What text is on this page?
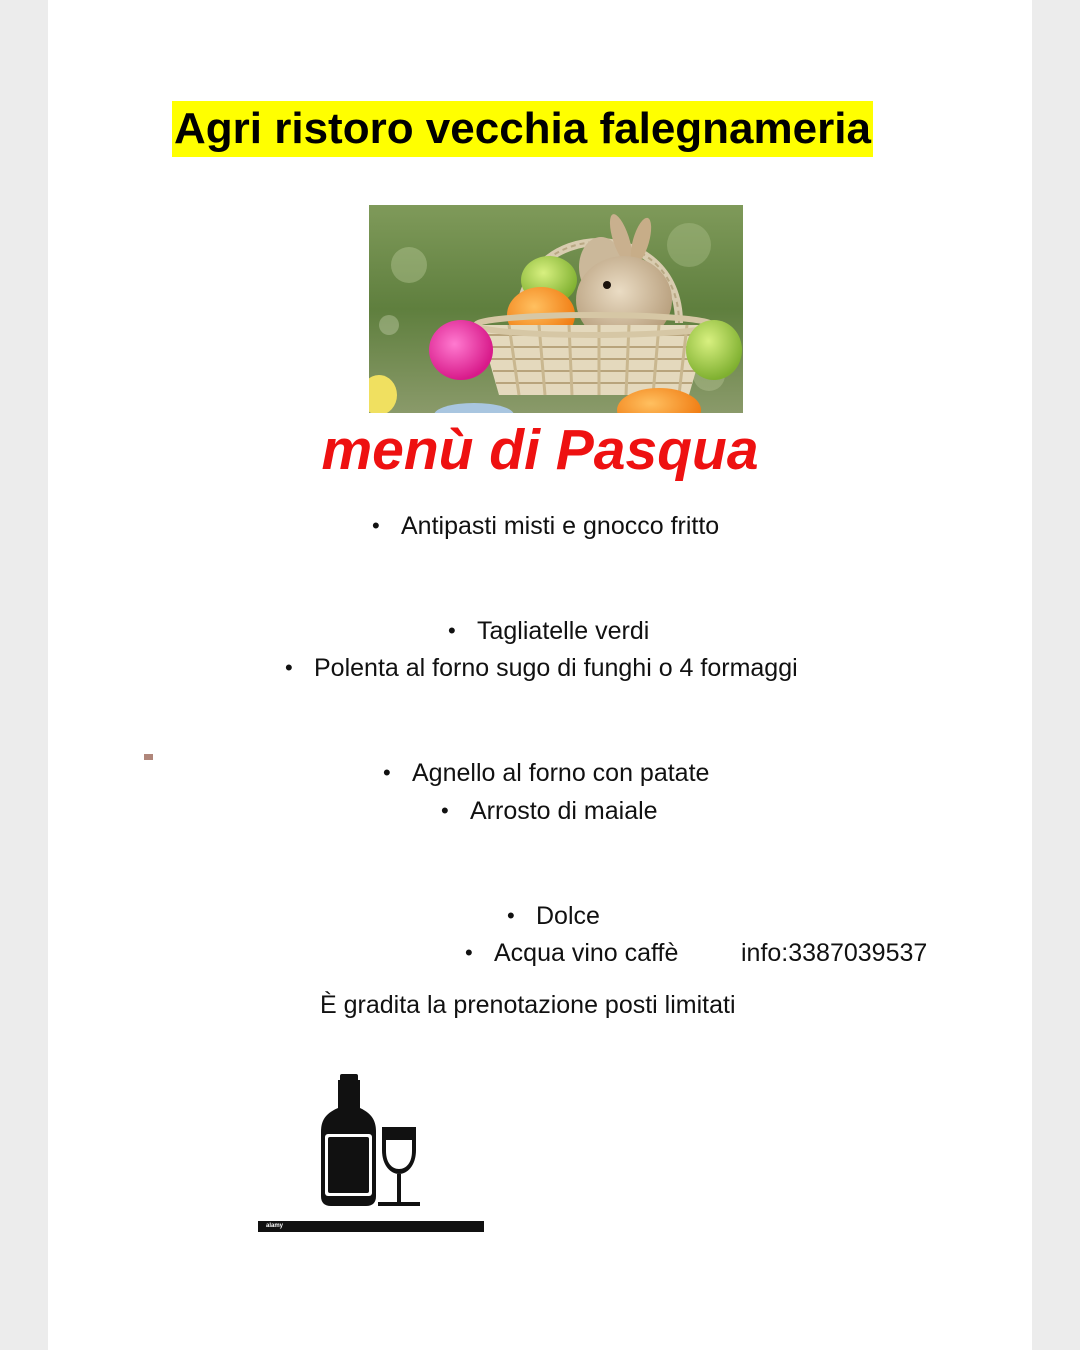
Agri ristoro vecchia falegnameria
menù di Pasqua
• Antipasti misti e gnocco fritto
• Tagliatelle verdi
• Polenta al forno sugo di funghi o 4 formaggi
• Agnello al forno con patate
• Arrosto di maiale
• Dolce
• Acqua vino caffè	info:3387039537
È gradita la prenotazione posti limitati
alamy
